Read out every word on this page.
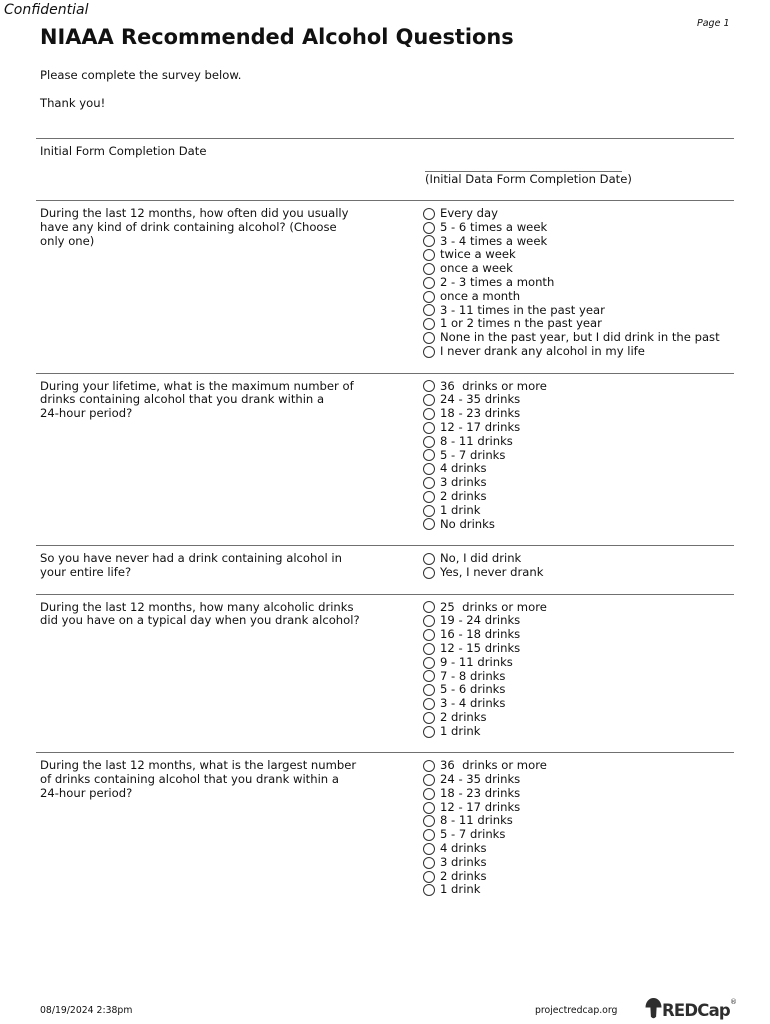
Confidential
Page 1
NIAAA Recommended Alcohol Questions
Please complete the survey below.
Thank you!
Initial Form Completion Date
(Initial Data Form Completion Date)
During the last 12 months, how often did you usually
have any kind of drink containing alcohol? (Choose
only one)
Every day
5 - 6 times a week
3 - 4 times a week
twice a week
once a week
2 - 3 times a month
once a month
3 - 11 times in the past year
1 or 2 times n the past year
None in the past year, but I did drink in the past
I never drank any alcohol in my life
During your lifetime, what is the maximum number of
drinks containing alcohol that you drank within a
24-hour period?
36  drinks or more
24 - 35 drinks
18 - 23 drinks
12 - 17 drinks
8 - 11 drinks
5 - 7 drinks
4 drinks
3 drinks
2 drinks
1 drink
No drinks
So you have never had a drink containing alcohol in
your entire life?
No, I did drink
Yes, I never drank
During the last 12 months, how many alcoholic drinks
did you have on a typical day when you drank alcohol?
25  drinks or more
19 - 24 drinks
16 - 18 drinks
12 - 15 drinks
9 - 11 drinks
7 - 8 drinks
5 - 6 drinks
3 - 4 drinks
2 drinks
1 drink
During the last 12 months, what is the largest number
of drinks containing alcohol that you drank within a
24-hour period?
36  drinks or more
24 - 35 drinks
18 - 23 drinks
12 - 17 drinks
8 - 11 drinks
5 - 7 drinks
4 drinks
3 drinks
2 drinks
1 drink
08/19/2024 2:38pm	projectredcap.org	REDCap ®
